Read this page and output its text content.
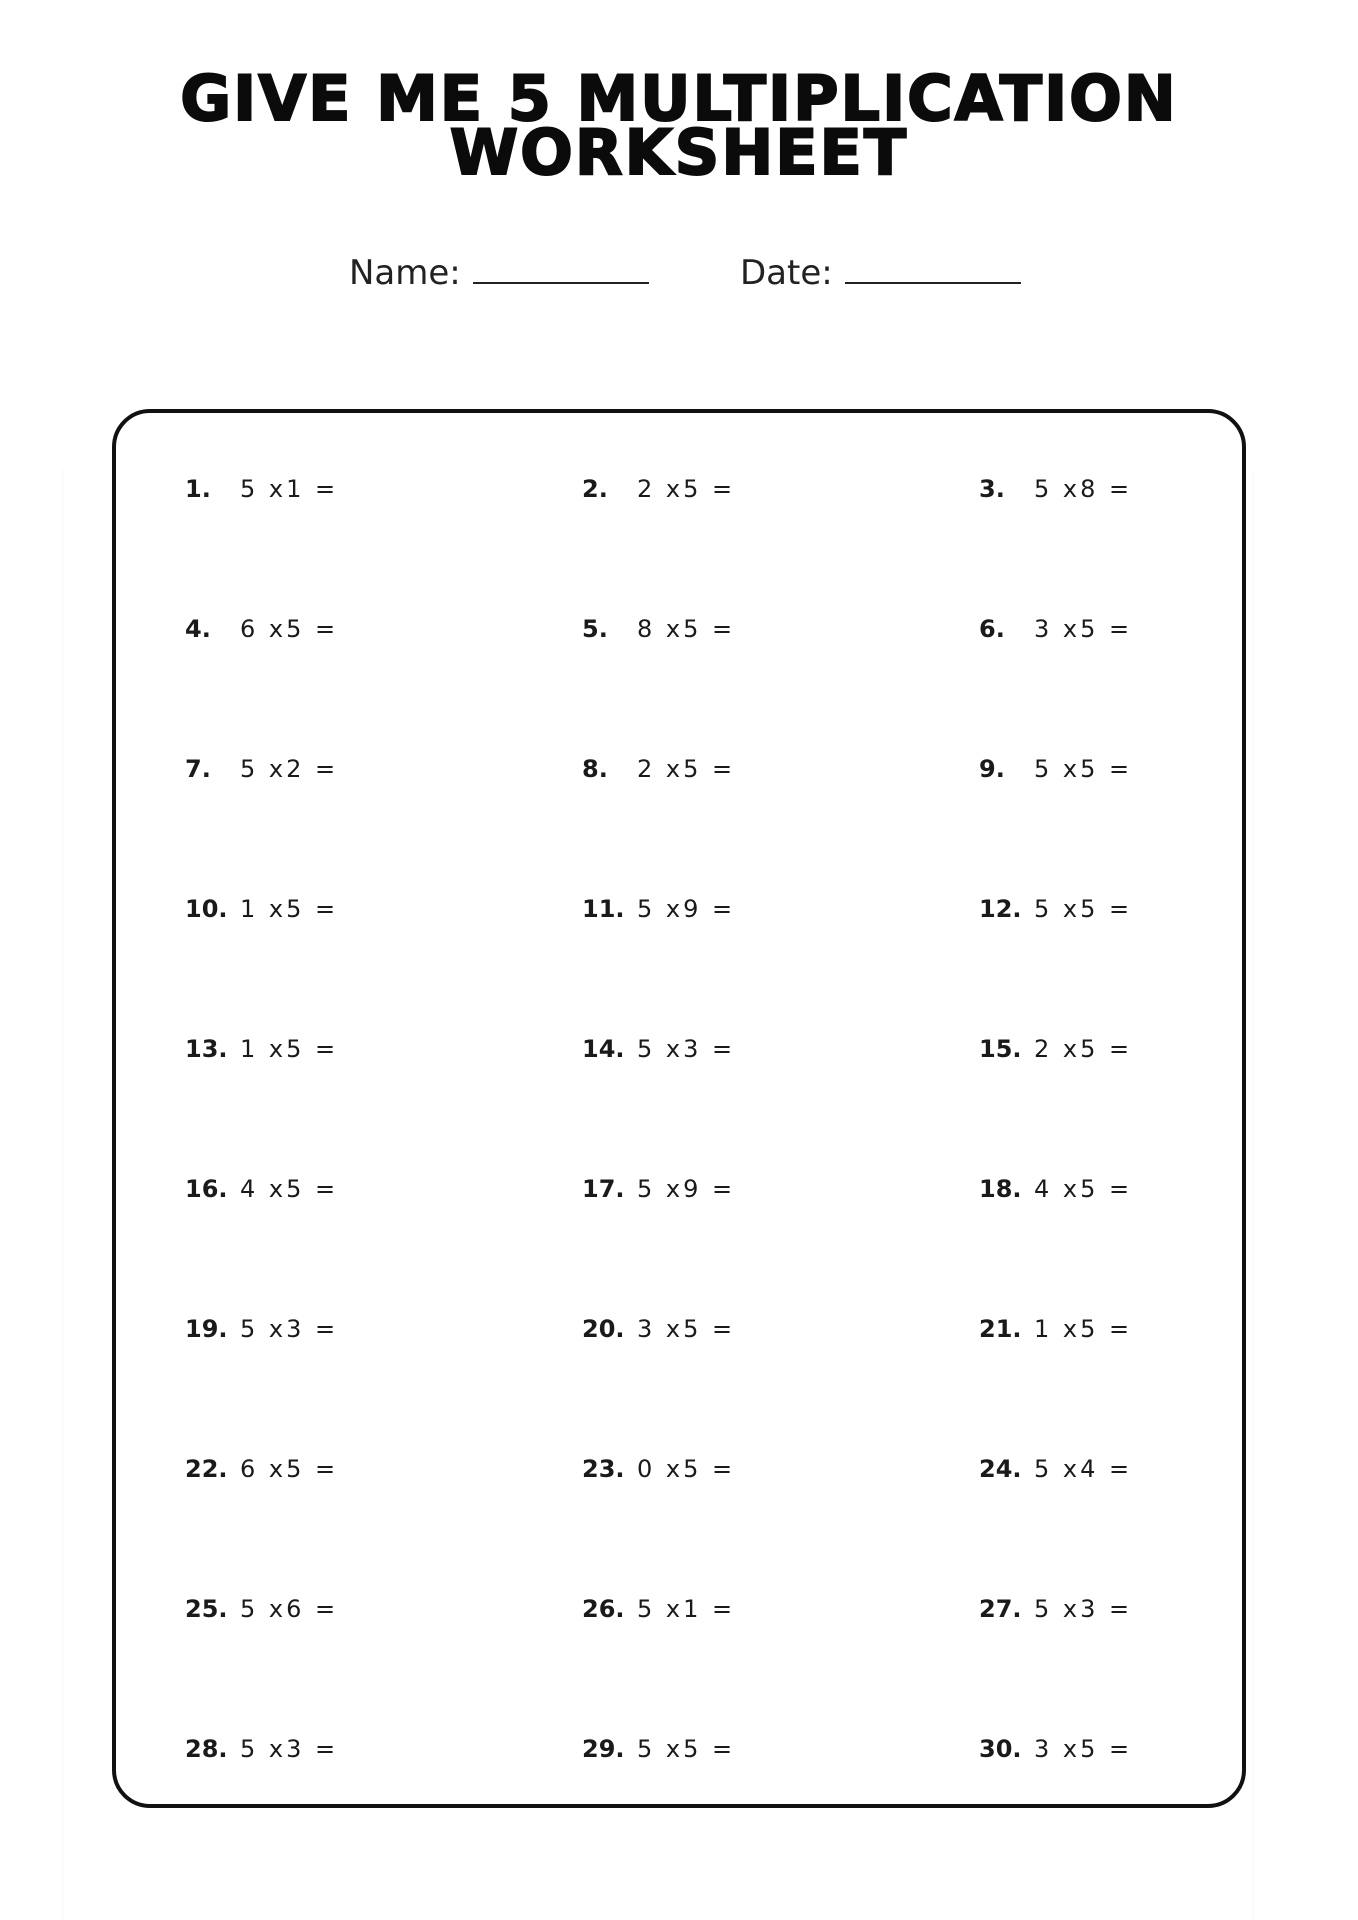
GIVE ME 5 MULTIPLICATION
WORKSHEET
Name:	Date:
1. 5 x1 =	2. 2 x5 =	3. 5 x8 =
4. 6 x5 =	5. 8 x5 =	6. 3 x5 =
7. 5 x2 =	8. 2 x5 =	9. 5 x5 =
10. 1 x5 =	11. 5 x9 =	12. 5 x5 =
13. 1 x5 =	14. 5 x3 =	15. 2 x5 =
16. 4 x5 =	17. 5 x9 =	18. 4 x5 =
19. 5 x3 =	20. 3 x5 =	21. 1 x5 =
22. 6 x5 =	23. 0 x5 =	24. 5 x4 =
25. 5 x6 =	26. 5 x1 =	27. 5 x3 =
28. 5 x3 =	29. 5 x5 =	30. 3 x5 =
